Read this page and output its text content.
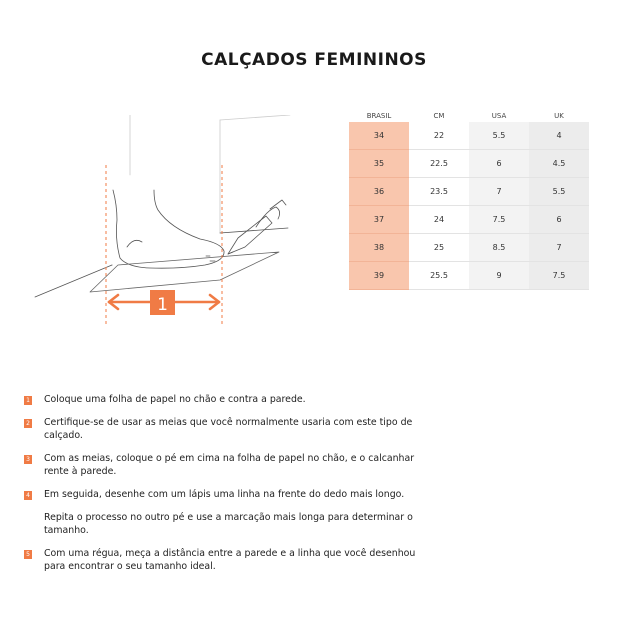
CALÇADOS FEMININOS
1
BRASIL	CM	USA	UK
34	22	5.5	4
35	22.5	6	4.5
36	23.5	7	5.5
37	24	7.5	6
38	25	8.5	7
39	25.5	9	7.5
1 Coloque uma folha de papel no chão e contra a parede.
2 Certifique-se de usar as meias que você normalmente usaria com este tipo de calçado.
3 Com as meias, coloque o pé em cima na folha de papel no chão, e o calcanhar rente à parede.
4 Em seguida, desenhe com um lápis uma linha na frente do dedo mais longo.
Repita o processo no outro pé e use a marcação mais longa para determinar o tamanho.
5 Com uma régua, meça a distância entre a parede e a linha que você desenhou para encontrar o seu tamanho ideal.
